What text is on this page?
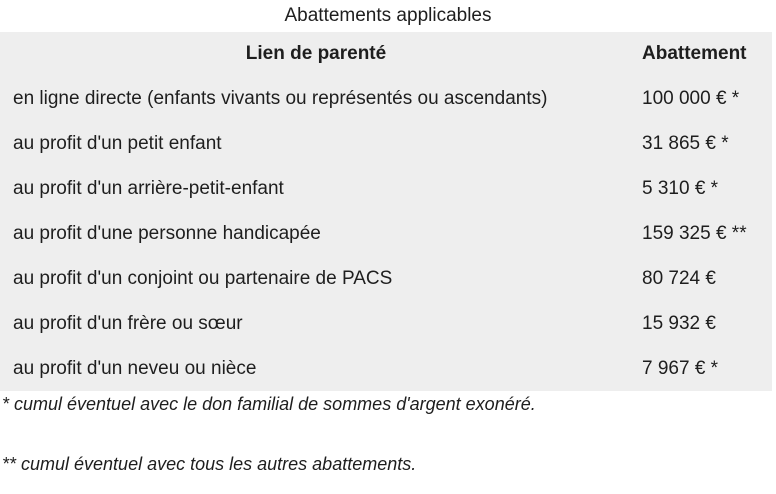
Abattements applicables
Lien de parenté	Abattement
en ligne directe (enfants vivants ou représentés ou ascendants)	100 000 € *
au profit d'un petit enfant	31 865 € *
au profit d'un arrière-petit-enfant	5 310 € *
au profit d'une personne handicapée	159 325 € **
au profit d'un conjoint ou partenaire de PACS	80 724 €
au profit d'un frère ou sœur	15 932 €
au profit d'un neveu ou nièce	7 967 € *
* cumul éventuel avec le don familial de sommes d'argent exonéré.
** cumul éventuel avec tous les autres abattements.
